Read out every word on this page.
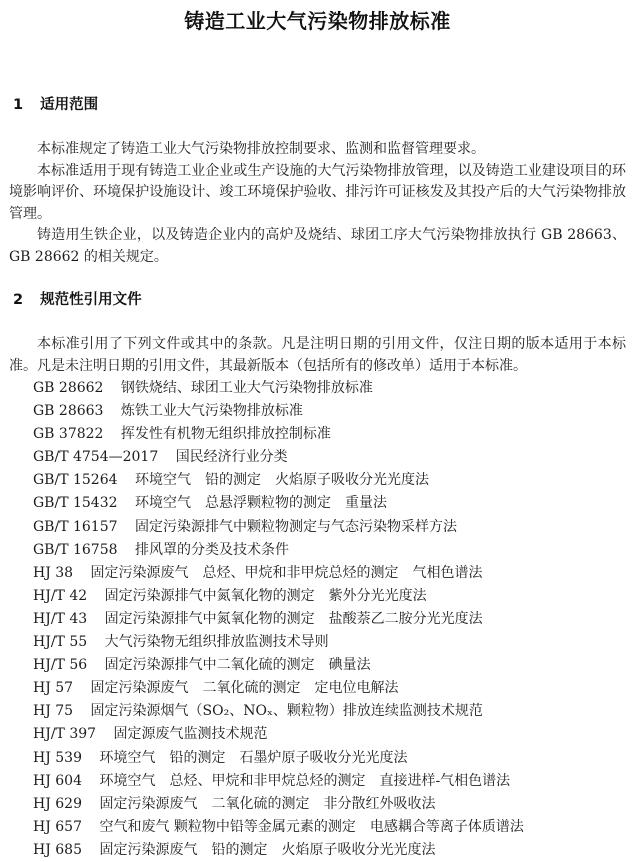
铸造工业大气污染物排放标准
1 适用范围

本标准规定了铸造工业大气污染物排放控制要求、监测和监督管理要求。

本标准适用于现有铸造工业企业或生产设施的大气污染物排放管理，以及铸造工业建设项目的环境影响评价、环境保护设施设计、竣工环境保护验收、排污许可证核发及其投产后的大气污染物排放管理。

铸造用生铁企业，以及铸造企业内的高炉及烧结、球团工序大气污染物排放执行 GB 28663、GB 28662 的相关规定。

2 规范性引用文件

本标准引用了下列文件或其中的条款。凡是注明日期的引用文件，仅注日期的版本适用于本标准。凡是未注明日期的引用文件，其最新版本（包括所有的修改单）适用于本标准。

GB 28662 钢铁烧结、球团工业大气污染物排放标准
GB 28663 炼铁工业大气污染物排放标准
GB 37822 挥发性有机物无组织排放控制标准
GB/T 4754—2017 国民经济行业分类
GB/T 15264 环境空气　铅的测定　火焰原子吸收分光光度法
GB/T 15432 环境空气　总悬浮颗粒物的测定　重量法
GB/T 16157 固定污染源排气中颗粒物测定与气态污染物采样方法
GB/T 16758 排风罩的分类及技术条件
HJ 38 固定污染源废气　总烃、甲烷和非甲烷总烃的测定　气相色谱法
HJ/T 42 固定污染源排气中氮氧化物的测定　紫外分光光度法
HJ/T 43 固定污染源排气中氮氧化物的测定　盐酸萘乙二胺分光光度法
HJ/T 55 大气污染物无组织排放监测技术导则
HJ/T 56 固定污染源排气中二氧化硫的测定　碘量法
HJ 57 固定污染源废气　二氧化硫的测定　定电位电解法
HJ 75 固定污染源烟气（SO₂、NOₓ、颗粒物）排放连续监测技术规范
HJ/T 397 固定源废气监测技术规范
HJ 539 环境空气　铅的测定　石墨炉原子吸收分光光度法
HJ 604 环境空气　总烃、甲烷和非甲烷总烃的测定　直接进样-气相色谱法
HJ 629 固定污染源废气　二氧化硫的测定　非分散红外吸收法
HJ 657 空气和废气 颗粒物中铅等金属元素的测定　电感耦合等离子体质谱法
HJ 685 固定污染源废气　铅的测定　火焰原子吸收分光光度法
